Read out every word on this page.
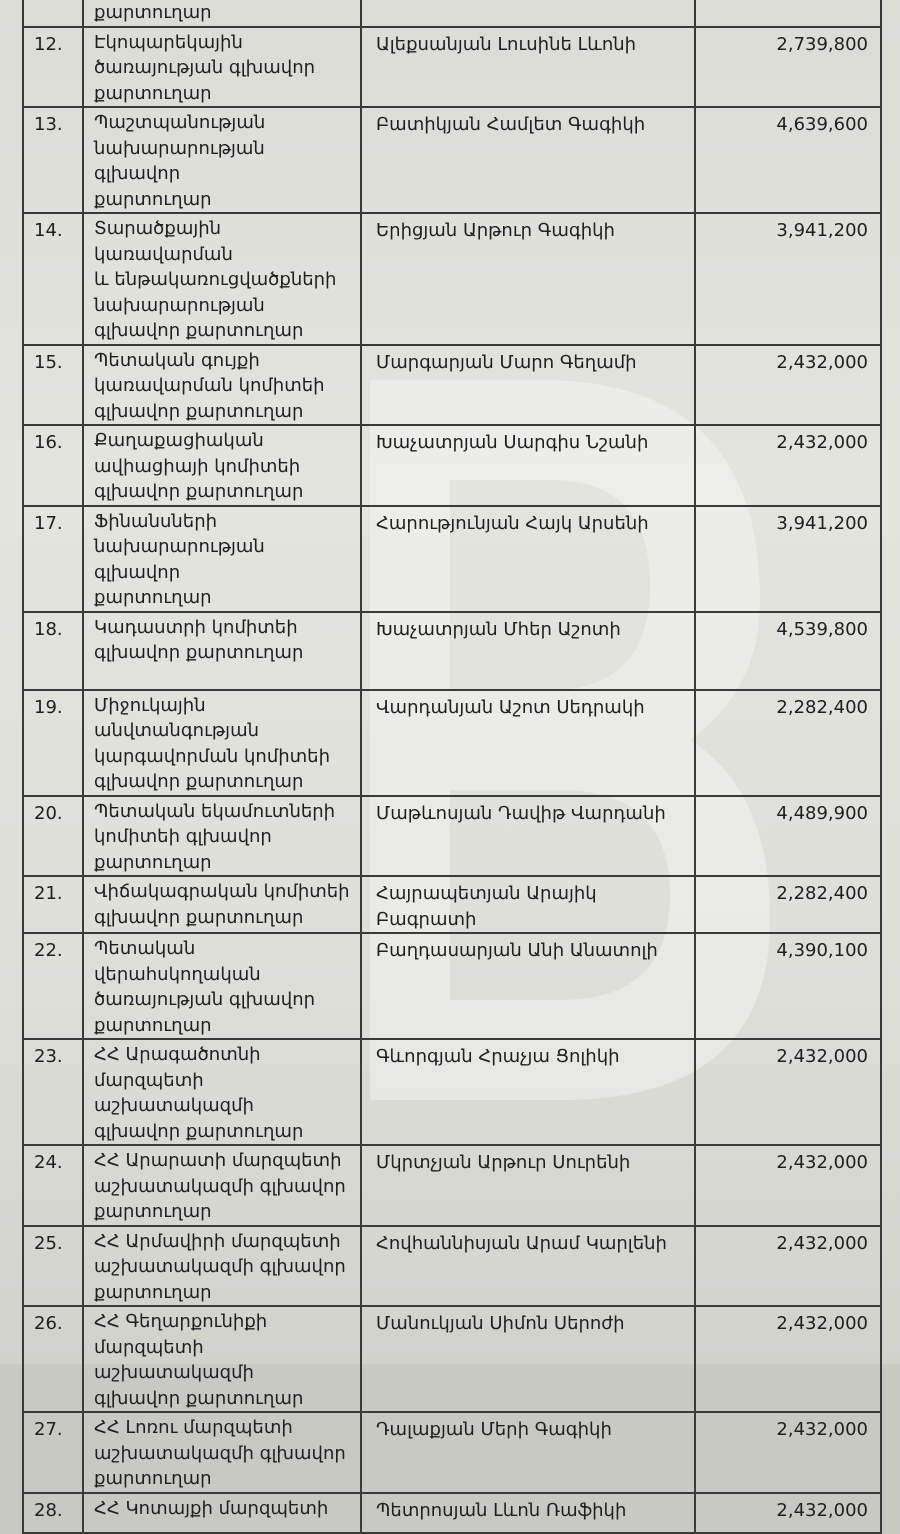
	քարտուղար		

12.	Էկոպարեկային
ծառայության գլխավոր
քարտուղար	Ալեքսանյան Լուսինե Լևոնի	2,739,800
13.	Պաշտպանության
նախարարության գլխավոր
քարտուղար	Բատիկյան Համլետ Գագիկի	4,639,600
14.	Տարածքային կառավարման
և ենթակառուցվածքների
նախարարության
գլխավոր քարտուղար	Երիցյան Արթուր Գագիկի	3,941,200
15.	Պետական գույքի
կառավարման կոմիտեի
գլխավոր քարտուղար	Մարգարյան Մարո Գեղամի	2,432,000
16.	Քաղաքացիական
ավիացիայի կոմիտեի
գլխավոր քարտուղար	Խաչատրյան Սարգիս Նշանի	2,432,000
17.	Ֆինանսների
նախարարության գլխավոր
քարտուղար	Հարությունյան Հայկ Արսենի	3,941,200
18.	Կադաստրի կոմիտեի
գլխավոր քարտուղար	Խաչատրյան Մհեր Աշոտի	4,539,800
19.	Միջուկային
անվտանգության
կարգավորման կոմիտեի
գլխավոր քարտուղար	Վարդանյան Աշոտ Սեդրակի	2,282,400
20.	Պետական եկամուտների
կոմիտեի գլխավոր
քարտուղար	Մաթևոսյան Դավիթ Վարդանի	4,489,900
21.	Վիճակագրական կոմիտեի
գլխավոր քարտուղար	Հայրապետյան Արայիկ Բագրատի	2,282,400
22.	Պետական
վերահսկողական
ծառայության գլխավոր
քարտուղար	Բաղդասարյան Անի Անատոլի	4,390,100
23.	ՀՀ Արագածոտնի
մարզպետի աշխատակազմի
գլխավոր քարտուղար	Գևորգյան Հրաչյա Ցոլիկի	2,432,000
24.	ՀՀ Արարատի մարզպետի
աշխատակազմի գլխավոր
քարտուղար	Մկրտչյան Արթուր Սուրենի	2,432,000
25.	ՀՀ Արմավիրի մարզպետի
աշխատակազմի գլխավոր
քարտուղար	Հովհաննիսյան Արամ Կարլենի	2,432,000
26.	ՀՀ Գեղարքունիքի
մարզպետի աշխատակազմի
գլխավոր քարտուղար	Մանուկյան Սիմոն Սերոժի	2,432,000
27.	ՀՀ Լոռու մարզպետի
աշխատակազմի գլխավոր
քարտուղար	Դալաքյան Մերի Գագիկի	2,432,000
28.	ՀՀ Կոտայքի մարզպետի	Պետրոսյան Լևոն Ռաֆիկի	2,432,000
